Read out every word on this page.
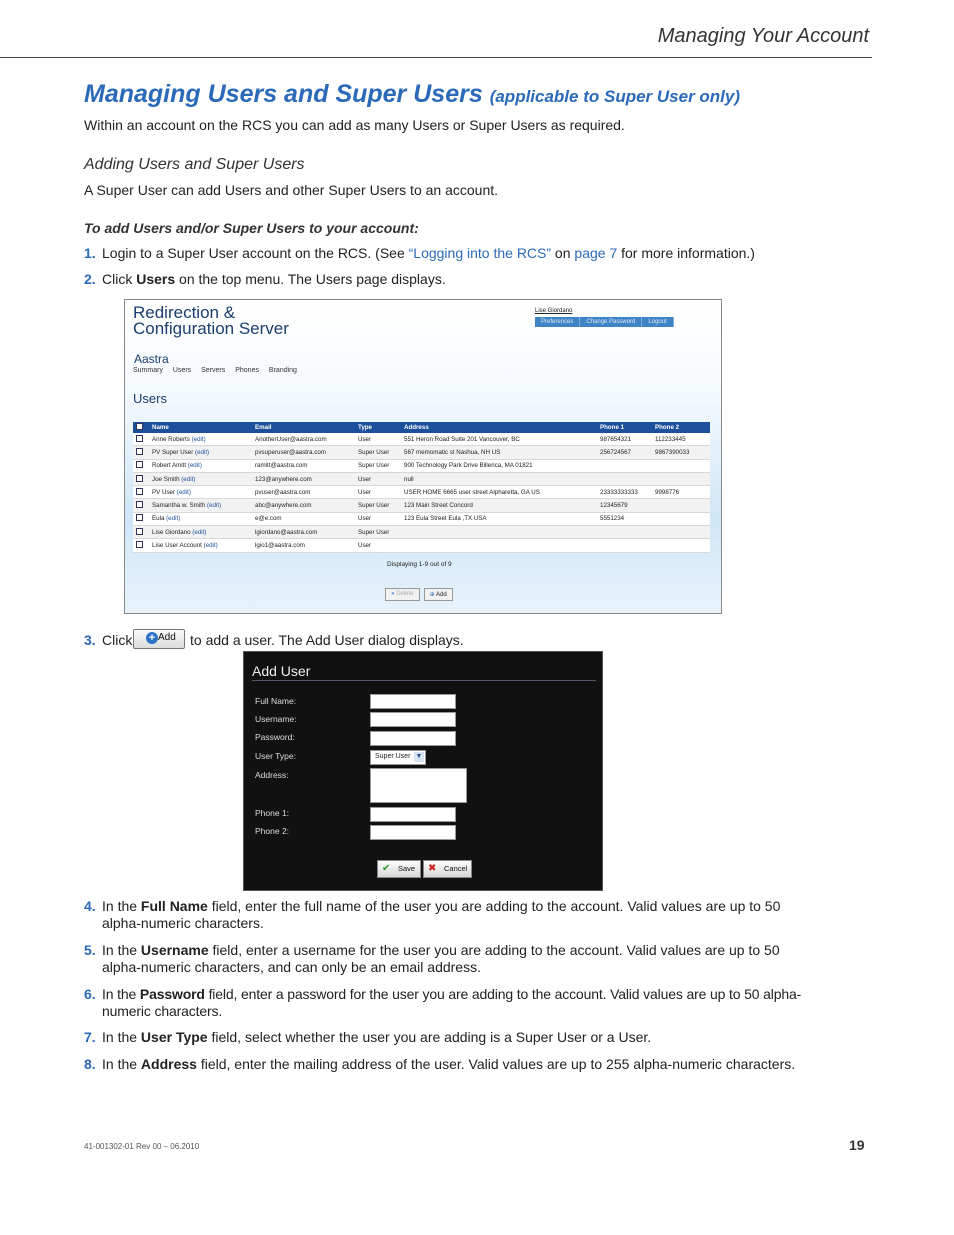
Managing Your Account
Managing Users and Super Users (applicable to Super User only)
Within an account on the RCS you can add as many Users or Super Users as required.
Adding Users and Super Users
A Super User can add Users and other Super Users to an account.
To add Users and/or Super Users to your account:
1. Login to a Super User account on the RCS. (See “Logging into the RCS” on page 7 for more information.)
2. Click Users on the top menu. The Users page displays.
Redirection &
Configuration Server
Aastra
Summary Users Servers Phones Branding
Users
Lise Giordano
Preferences	Change Password	Logout
	Name	Email	Type	Address	Phone 1	Phone 2
	Anne Roberts (edit)	AnotherUser@aastra.com	User	551 Heron Road Suite 201 Vancouver, BC	987654321	112233445
	PV Super User (edit)	pvsuperuser@aastra.com	Super User	567 memomatic st Nashua, NH US	256724567	9867390033
	Robert Amitt (edit)	ramitt@aastra.com	Super User	900 Technology Park Drive Billerica, MA 01821		
	Joe Smith (edit)	123@anywhere.com	User	null		
	PV User (edit)	pvuser@aastra.com	User	USER HOME 6665 user street Alpharetta, GA US	23333333333	9998776
	Samantha w. Smith (edit)	abc@anywhere.com	Super User	123 Main Street Concord	12345679	
	Eula (edit)	e@e.com	User	123 Eula Street Eula ,TX USA	5551234	
	Lise Giordano (edit)	lgiordano@aastra.com	Super User			
	Lise User Account (edit)	lgio1@aastra.com	User			
Displaying 1-9 out of 9
● Delete	⊕ Add
3. Click + Add to add a user. The Add User dialog displays.
Add User
Full Name:
Username:
Password:
User Type:	Super User ▼
Address:
Phone 1:
Phone 2:
✔ Save ✖ Cancel
4. In the Full Name field, enter the full name of the user you are adding to the account. Valid values are up to 50
alpha-numeric characters.
5. In the Username field, enter a username for the user you are adding to the account. Valid values are up to 50
alpha-numeric characters, and can only be an email address.
6. In the Password field, enter a password for the user you are adding to the account. Valid values are up to 50 alpha-
numeric characters.
7. In the User Type field, select whether the user you are adding is a Super User or a User.
8. In the Address field, enter the mailing address of the user. Valid values are up to 255 alpha-numeric characters.
41-001302-01 Rev 00 – 06.2010	19
